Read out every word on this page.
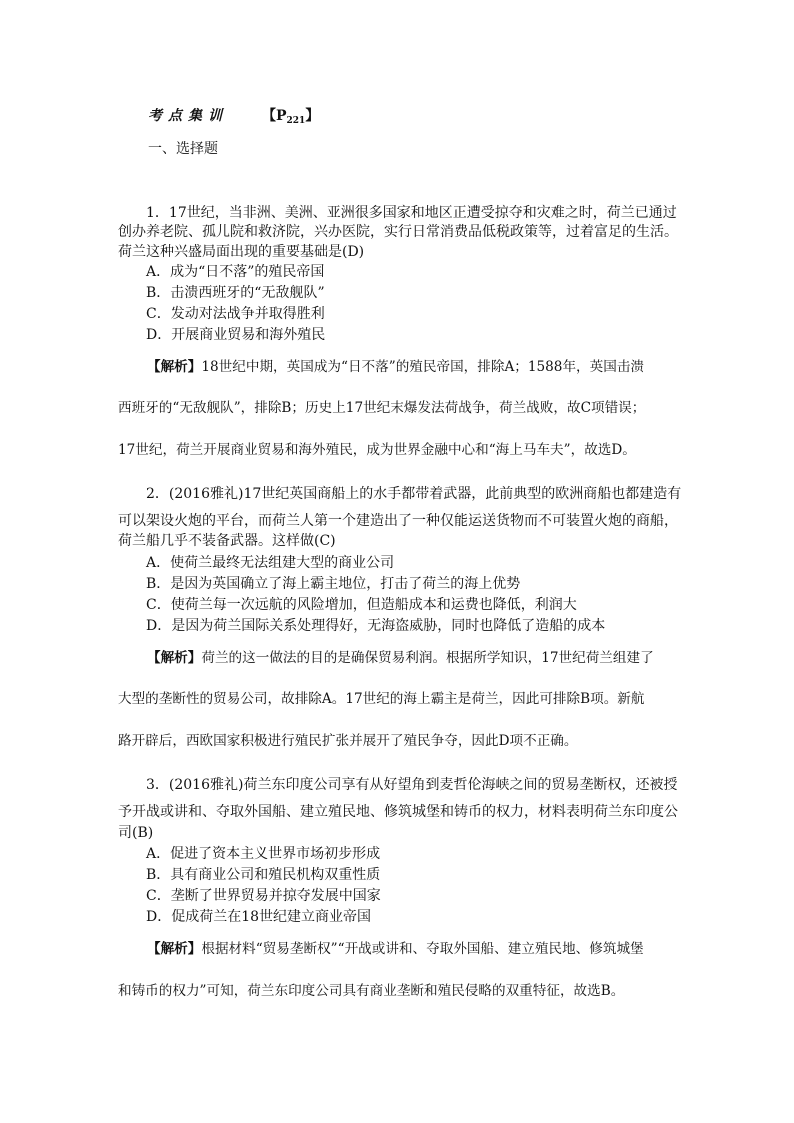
考点集训 【$P_{221}$】
一、选择题
1．17世纪，当非洲、美洲、亚洲很多国家和地区正遭受掠夺和灾难之时，荷兰已通过
创办养老院、孤儿院和救济院，兴办医院，实行日常消费品低税政策等，过着富足的生活。
荷兰这种兴盛局面出现的重要基础是(D)
A．成为“日不落”的殖民帝国
B．击溃西班牙的“无敌舰队”
C．发动对法战争并取得胜利
D．开展商业贸易和海外殖民
【解析】18世纪中期，英国成为“日不落”的殖民帝国，排除A；1588年，英国击溃
西班牙的“无敌舰队”，排除B；历史上17世纪末爆发法荷战争，荷兰战败，故C项错误；
17世纪，荷兰开展商业贸易和海外殖民，成为世界金融中心和“海上马车夫”，故选D。
2．(2016雅礼)17世纪英国商船上的水手都带着武器，此前典型的欧洲商船也都建造有
可以架设火炮的平台，而荷兰人第一个建造出了一种仅能运送货物而不可装置火炮的商船，
荷兰船几乎不装备武器。这样做(C)
A．使荷兰最终无法组建大型的商业公司
B．是因为英国确立了海上霸主地位，打击了荷兰的海上优势
C．使荷兰每一次远航的风险增加，但造船成本和运费也降低，利润大
D．是因为荷兰国际关系处理得好，无海盗威胁，同时也降低了造船的成本
【解析】荷兰的这一做法的目的是确保贸易利润。根据所学知识，17世纪荷兰组建了
大型的垄断性的贸易公司，故排除A。17世纪的海上霸主是荷兰，因此可排除B项。新航
路开辟后，西欧国家积极进行殖民扩张并展开了殖民争夺，因此D项不正确。
3．(2016雅礼)荷兰东印度公司享有从好望角到麦哲伦海峡之间的贸易垄断权，还被授
予开战或讲和、夺取外国船、建立殖民地、修筑城堡和铸币的权力，材料表明荷兰东印度公
司(B)
A．促进了资本主义世界市场初步形成
B．具有商业公司和殖民机构双重性质
C．垄断了世界贸易并掠夺发展中国家
D．促成荷兰在18世纪建立商业帝国
【解析】根据材料“贸易垄断权”“开战或讲和、夺取外国船、建立殖民地、修筑城堡
和铸币的权力”可知，荷兰东印度公司具有商业垄断和殖民侵略的双重特征，故选B。
